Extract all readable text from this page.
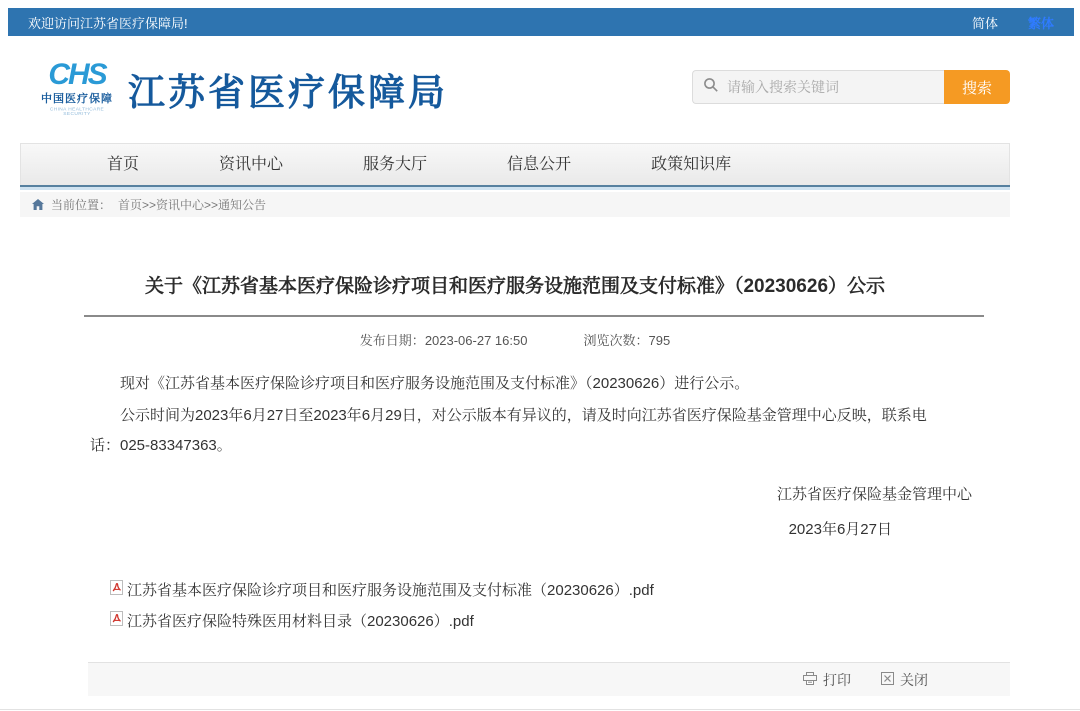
欢迎访问江苏省医疗保障局!	简体 繁体
CHS
中国医疗保障
CHINA HEALTHCARE SECURITY
江苏省医疗保障局
请输入搜索关键词	搜索
首页	资讯中心	服务大厅	信息公开	政策知识库
当前位置： 首页>>资讯中心>>通知公告
关于《江苏省基本医疗保险诊疗项目和医疗服务设施范围及支付标准》（20230626）公示
发布日期：2023-06-27 16:50	浏览次数：795

现对《江苏省基本医疗保险诊疗项目和医疗服务设施范围及支付标准》（20230626）进行公示。

公示时间为2023年6月27日至2023年6月29日，对公示版本有异议的，请及时向江苏省医疗保险基金管理中心反映，联系电话：025-83347363。

江苏省医疗保险基金管理中心
2023年6月27日
江苏省基本医疗保险诊疗项目和医疗服务设施范围及支付标准（20230626）.pdf
江苏省医疗保险特殊医用材料目录（20230626）.pdf
打印	关闭
